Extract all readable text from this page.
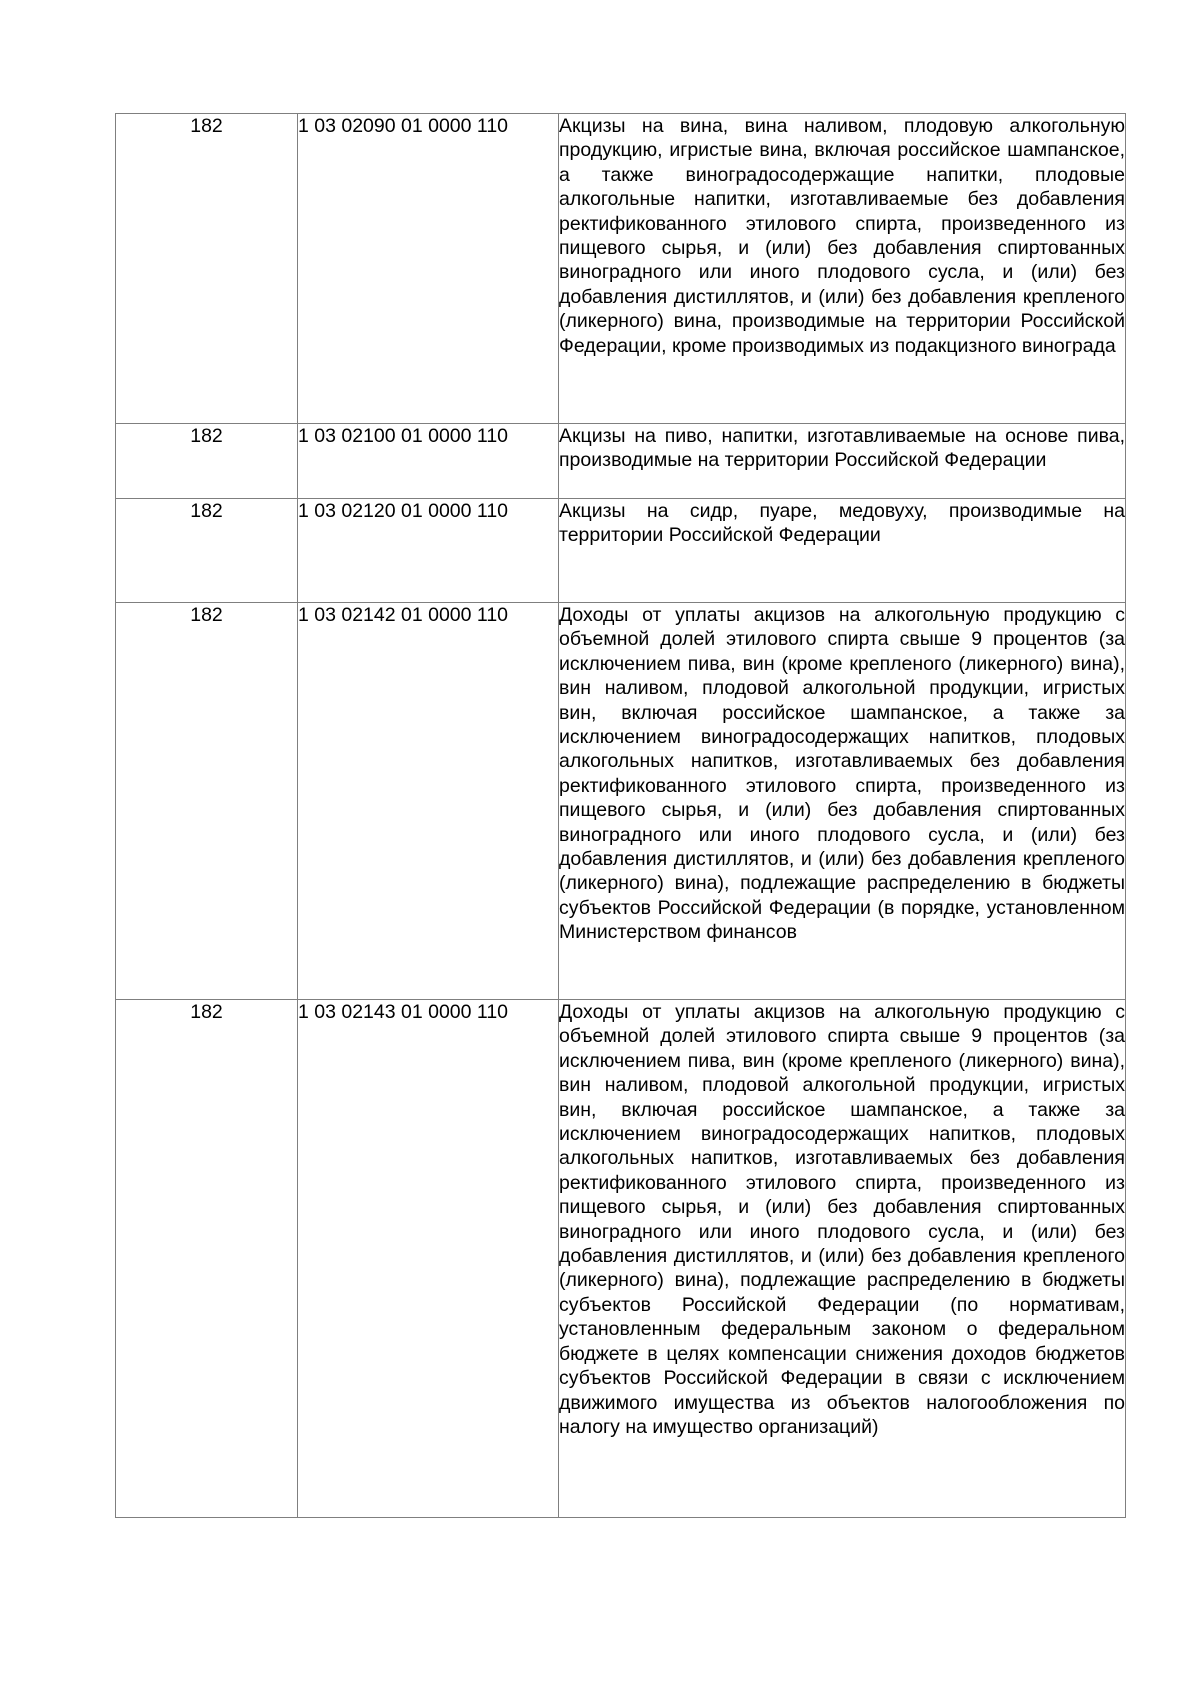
182	1 03 02090 01 0000 110	Акцизы на вина, вина наливом, плодовую алкогольную продукцию, игристые вина, включая российское шампанское, а также виноградосодержащие напитки, плодовые алкогольные напитки, изготавливаемые без добавления ректификованного этилового спирта, произведенного из пищевого сырья, и (или) без добавления спиртованных виноградного или иного плодового сусла, и (или) без добавления дистиллятов, и (или) без добавления крепленого (ликерного) вина, производимые на территории Российской Федерации, кроме производимых из подакцизного винограда

182	1 03 02100 01 0000 110	Акцизы на пиво, напитки, изготавливаемые на основе пива, производимые на территории Российской Федерации

182	1 03 02120 01 0000 110	Акцизы на сидр, пуаре, медовуху, производимые на территории Российской Федерации

182	1 03 02142 01 0000 110	Доходы от уплаты акцизов на алкогольную продукцию с объемной долей этилового спирта свыше 9 процентов (за исключением пива, вин (кроме крепленого (ликерного) вина), вин наливом, плодовой алкогольной продукции, игристых вин, включая российское шампанское, а также за исключением виноградосодержащих напитков, плодовых алкогольных напитков, изготавливаемых без добавления ректификованного этилового спирта, произведенного из пищевого сырья, и (или) без добавления спиртованных виноградного или иного плодового сусла, и (или) без добавления дистиллятов, и (или) без добавления крепленого (ликерного) вина), подлежащие распределению в бюджеты субъектов Российской Федерации (в порядке, установленном Министерством финансов

182	1 03 02143 01 0000 110	Доходы от уплаты акцизов на алкогольную продукцию с объемной долей этилового спирта свыше 9 процентов (за исключением пива, вин (кроме крепленого (ликерного) вина), вин наливом, плодовой алкогольной продукции, игристых вин, включая российское шампанское, а также за исключением виноградосодержащих напитков, плодовых алкогольных напитков, изготавливаемых без добавления ректификованного этилового спирта, произведенного из пищевого сырья, и (или) без добавления спиртованных виноградного или иного плодового сусла, и (или) без добавления дистиллятов, и (или) без добавления крепленого (ликерного) вина), подлежащие распределению в бюджеты субъектов Российской Федерации (по нормативам, установленным федеральным законом о федеральном бюджете в целях компенсации снижения доходов бюджетов субъектов Российской Федерации в связи с исключением движимого имущества из объектов налогообложения по налогу на имущество организаций)
